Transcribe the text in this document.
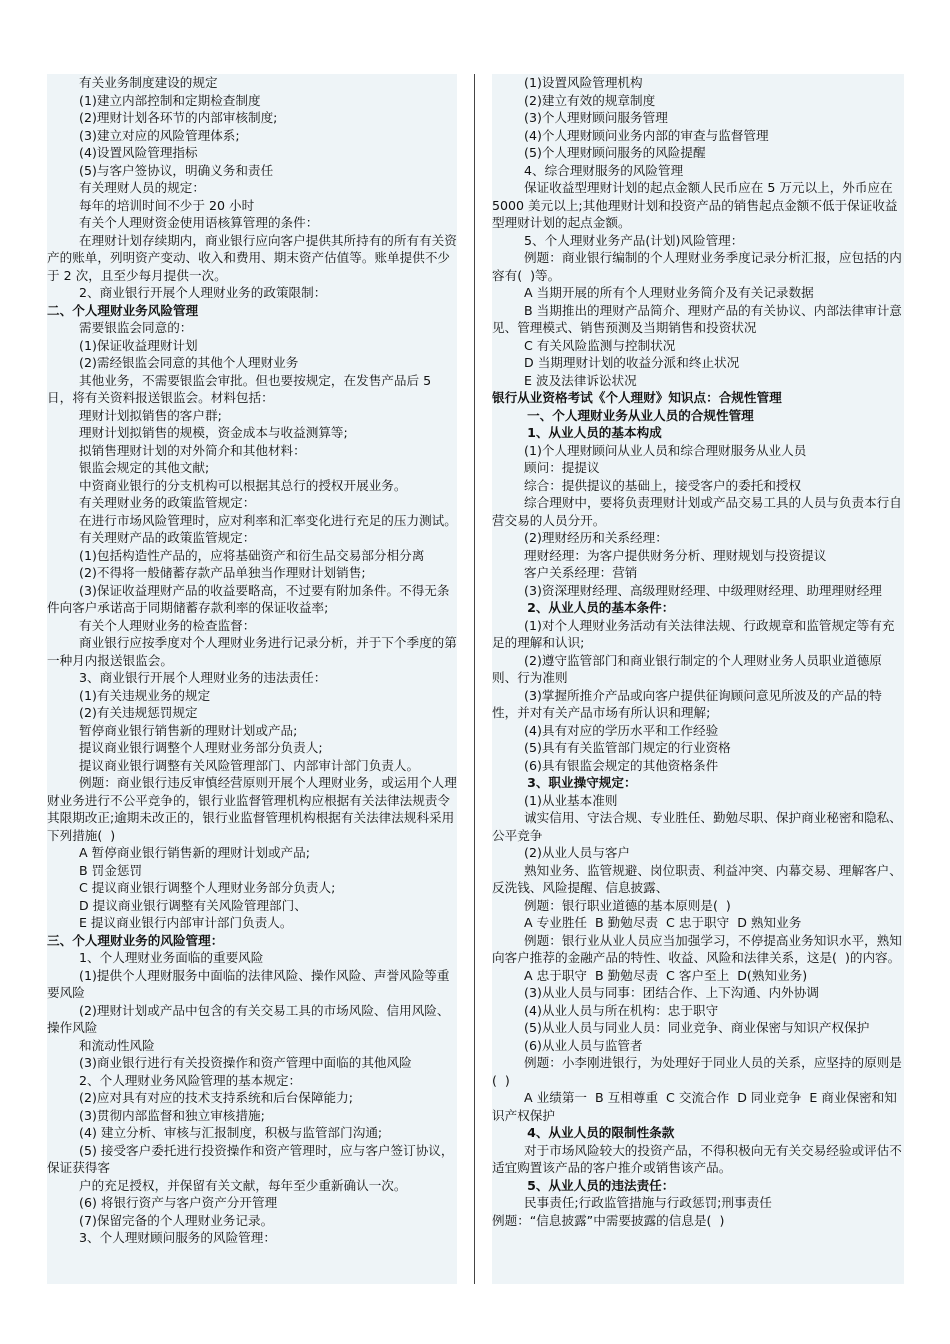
有关业务制度建设的规定
(1)建立内部控制和定期检查制度
(2)理财计划各环节的内部审核制度;
(3)建立对应的风险管理体系;
(4)设置风险管理指标
(5)与客户签协议，明确义务和责任
有关理财人员的规定：
每年的培训时间不少于 20 小时
有关个人理财资金使用语核算管理的条件：
在理财计划存续期内，商业银行应向客户提供其所持有的所有有关资产的账单，列明资产变动、收入和费用、期末资产估值等。账单提供不少于 2 次，且至少每月提供一次。
2、商业银行开展个人理财业务的政策限制：
二、个人理财业务风险管理
需要银监会同意的：
(1)保证收益理财计划
(2)需经银监会同意的其他个人理财业务
其他业务，不需要银监会审批。但也要按规定，在发售产品后 5 日，将有关资料报送银监会。材料包括：
理财计划拟销售的客户群;
理财计划拟销售的规模，资金成本与收益测算等;
拟销售理财计划的对外简介和其他材料：
银监会规定的其他文献;
中资商业银行的分支机构可以根据其总行的授权开展业务。
有关理财业务的政策监管规定：
在进行市场风险管理时，应对利率和汇率变化进行充足的压力测试。
有关理财产品的政策监管规定：
(1)包括构造性产品的，应将基础资产和衍生品交易部分相分离
(2)不得将一般储蓄存款产品单独当作理财计划销售;
(3)保证收益理财产品的收益要略高，不过要有附加条件。不得无条件向客户承诺高于同期储蓄存款利率的保证收益率;
有关个人理财业务的检查监督：
商业银行应按季度对个人理财业务进行记录分析，并于下个季度的第一种月内报送银监会。
3、商业银行开展个人理财业务的违法责任：
(1)有关违规业务的规定
(2)有关违规惩罚规定
暂停商业银行销售新的理财计划或产品;
提议商业银行调整个人理财业务部分负责人;
提议商业银行调整有关风险管理部门、内部审计部门负责人。
例题：商业银行违反审慎经营原则开展个人理财业务，或运用个人理财业务进行不公平竞争的，银行业监督管理机构应根据有关法律法规责令其限期改正;逾期未改正的，银行业监督管理机构根据有关法律法规科采用下列措施(  )
A 暂停商业银行销售新的理财计划或产品;
B 罚金惩罚
C 提议商业银行调整个人理财业务部分负责人;
D 提议商业银行调整有关风险管理部门、
E 提议商业银行内部审计部门负责人。
三、个人理财业务的风险管理：
1、个人理财业务面临的重要风险
(1)提供个人理财服务中面临的法律风险、操作风险、声誉风险等重要风险
(2)理财计划或产品中包含的有关交易工具的市场风险、信用风险、操作风险
和流动性风险
(3)商业银行进行有关投资操作和资产管理中面临的其他风险
2、个人理财业务风险管理的基本规定：
(2)应对具有对应的技术支持系统和后台保障能力;
(3)贯彻内部监督和独立审核措施;
(4) 建立分析、审核与汇报制度，积极与监管部门沟通;
(5) 接受客户委托进行投资操作和资产管理时，应与客户签订协议，保证获得客
户的充足授权，并保留有关文献，每年至少重新确认一次。
(6) 将银行资产与客户资产分开管理
(7)保留完备的个人理财业务记录。
3、个人理财顾问服务的风险管理：
(1)设置风险管理机构
(2)建立有效的规章制度
(3)个人理财顾问服务管理
(4)个人理财顾问业务内部的审查与监督管理
(5)个人理财顾问服务的风险提醒
4、综合理财服务的风险管理
保证收益型理财计划的起点金额人民币应在 5 万元以上，外币应在 5000 美元以上;其他理财计划和投资产品的销售起点金额不低于保证收益型理财计划的起点金额。
5、个人理财业务产品(计划)风险管理：
例题：商业银行编制的个人理财业务季度记录分析汇报，应包括的内容有(  )等。
A 当期开展的所有个人理财业务简介及有关记录数据
B 当期推出的理财产品简介、理财产品的有关协议、内部法律审计意见、管理模式、销售预测及当期销售和投资状况
C 有关风险监测与控制状况
D 当期理财计划的收益分派和终止状况
E 波及法律诉讼状况
银行从业资格考试《个人理财》知识点：合规性管理
一、个人理财业务从业人员的合规性管理
1、从业人员的基本构成
(1)个人理财顾问从业人员和综合理财服务从业人员
顾问：提提议
综合：提供提议的基础上，接受客户的委托和授权
综合理财中，要将负责理财计划或产品交易工具的人员与负责本行自营交易的人员分开。
(2)理财经历和关系经理：
理财经理：为客户提供财务分析、理财规划与投资提议
客户关系经理：营销
(3)资深理财经理、高级理财经理、中级理财经理、助理理财经理
2、从业人员的基本条件：
(1)对个人理财业务活动有关法律法规、行政规章和监管规定等有充足的理解和认识;
(2)遵守监管部门和商业银行制定的个人理财业务人员职业道德原则、行为准则
(3)掌握所推介产品或向客户提供征询顾问意见所波及的产品的特性，并对有关产品市场有所认识和理解;
(4)具有对应的学历水平和工作经验
(5)具有有关监管部门规定的行业资格
(6)具有银监会规定的其他资格条件
3、职业操守规定：
(1)从业基本准则
诚实信用、守法合规、专业胜任、勤勉尽职、保护商业秘密和隐私、公平竞争
(2)从业人员与客户
熟知业务、监管规避、岗位职责、利益冲突、内幕交易、理解客户、反洗钱、风险提醒、信息披露、
例题：银行职业道德的基本原则是(  )
A 专业胜任  B 勤勉尽责  C 忠于职守  D 熟知业务
例题：银行业从业人员应当加强学习，不停提高业务知识水平，熟知向客户推荐的金融产品的特性、收益、风险和法律关系，这是(  )的内容。
A 忠于职守  B 勤勉尽责  C 客户至上  D(熟知业务)
(3)从业人员与同事：团结合作、上下沟通、内外协调
(4)从业人员与所在机构：忠于职守
(5)从业人员与同业人员：同业竞争、商业保密与知识产权保护
(6)从业人员与监管者
例题：小李刚进银行，为处理好于同业人员的关系，应坚持的原则是(  )
A 业绩第一  B 互相尊重  C 交流合作  D 同业竞争  E 商业保密和知识产权保护
4、从业人员的限制性条款
对于市场风险较大的投资产品，不得积极向无有关交易经验或评估不适宜购置该产品的客户推介或销售该产品。
5、从业人员的违法责任：
民事责任;行政监管措施与行政惩罚;刑事责任
例题：“信息披露”中需要披露的信息是(  )
